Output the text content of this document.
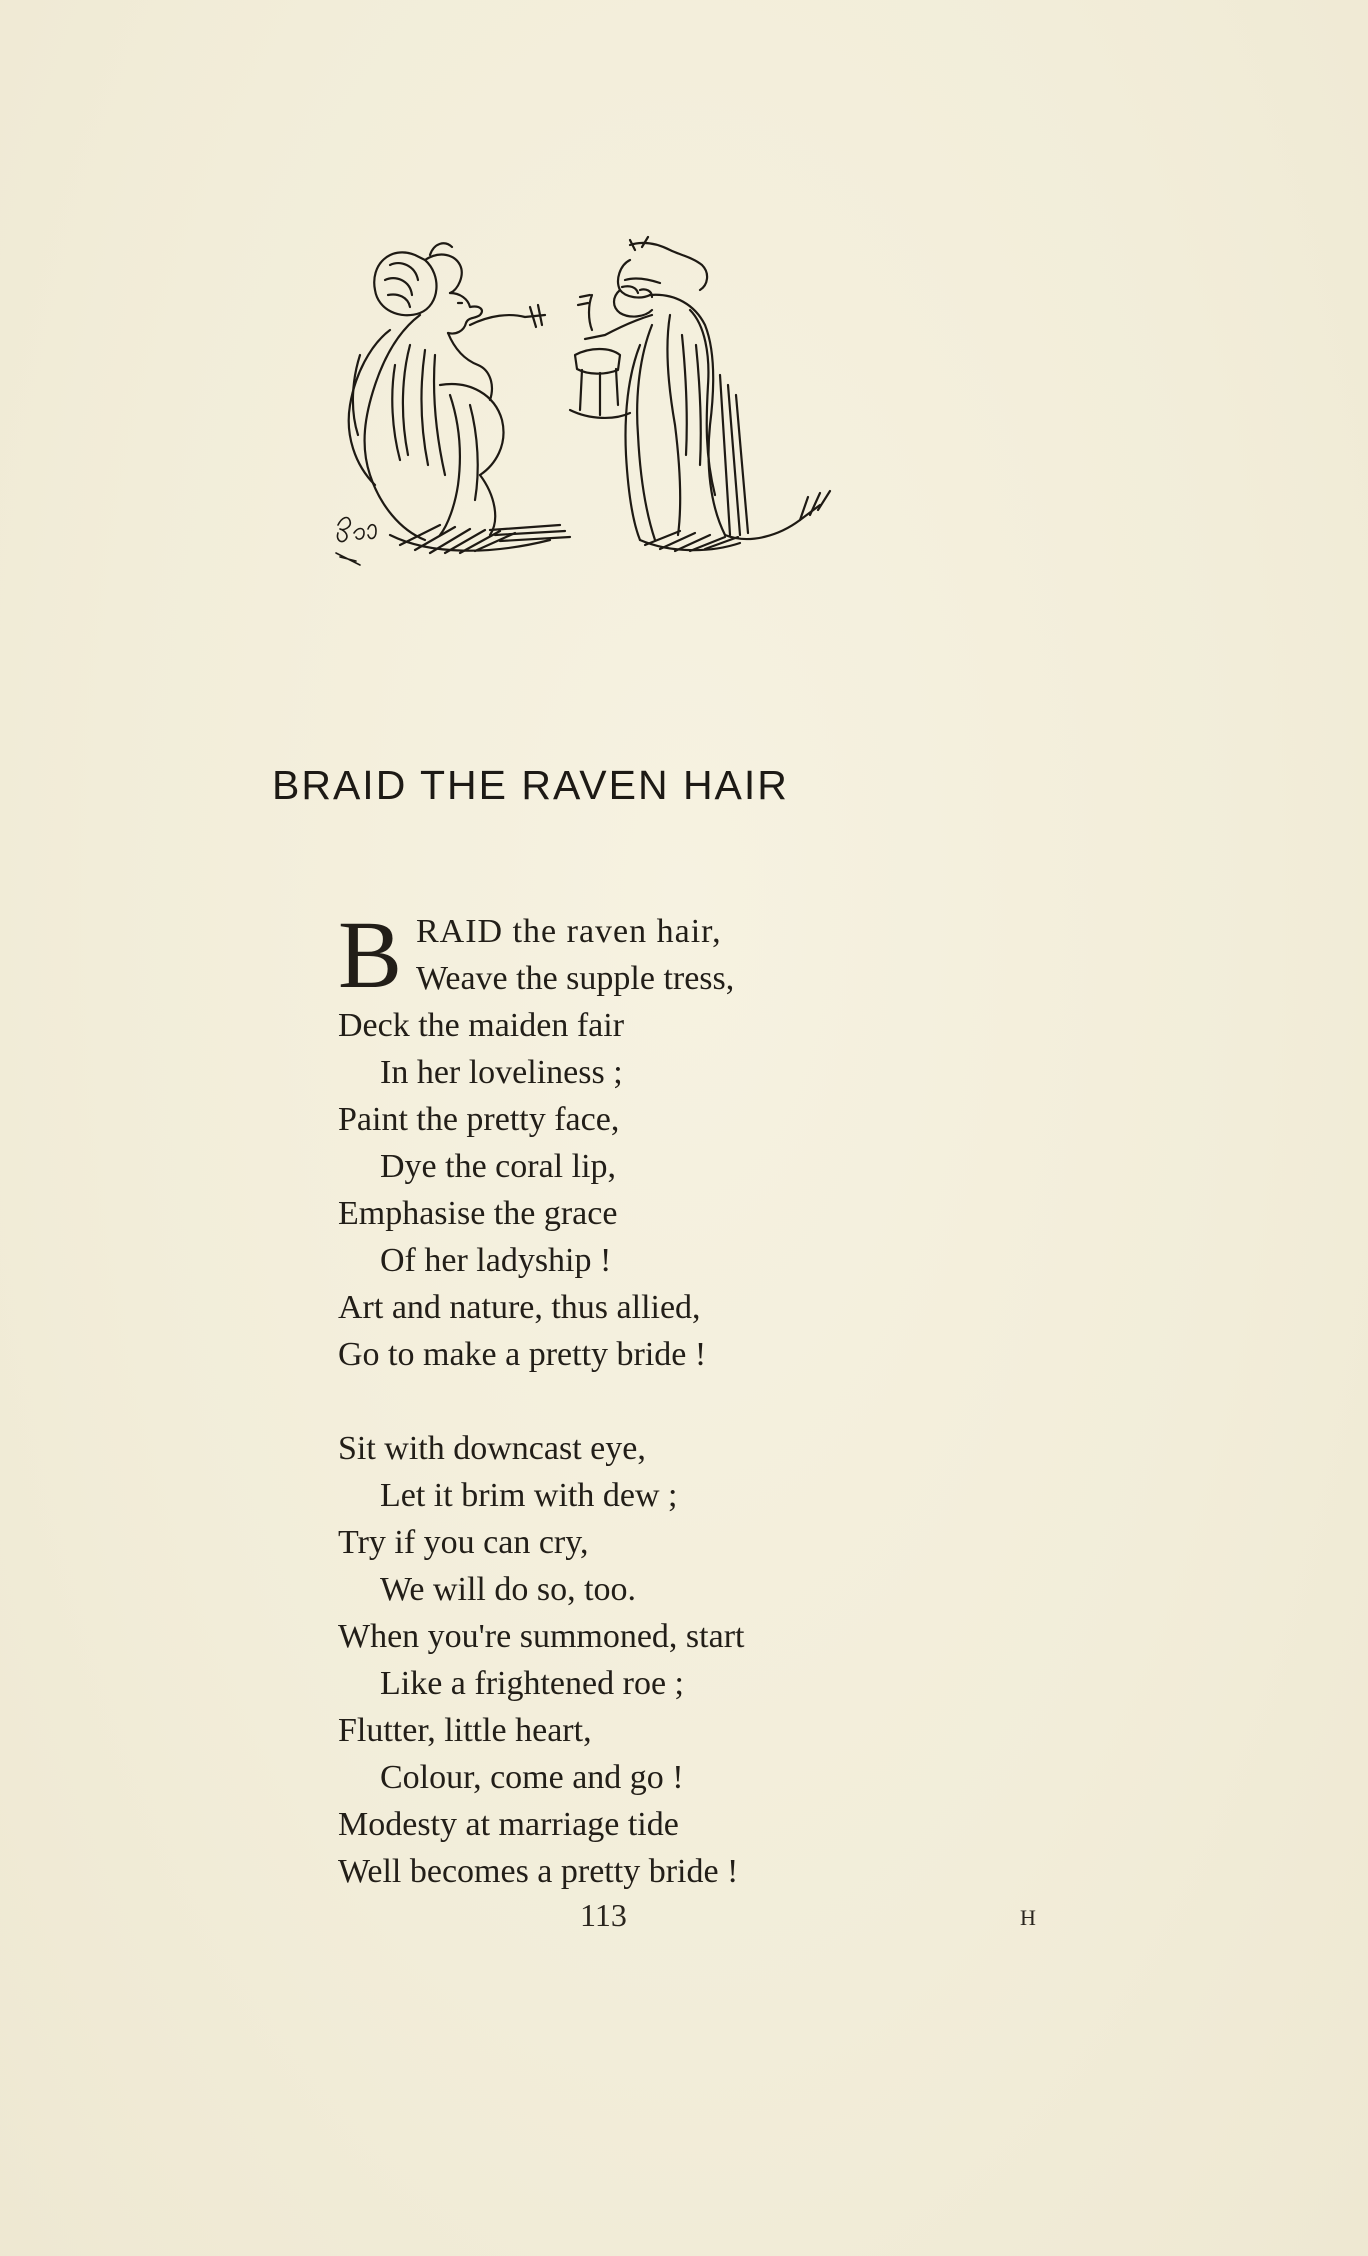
BRAID THE RAVEN HAIR
B RAID the raven hair,
Weave the supple tress,
Deck the maiden fair
In her loveliness ;
Paint the pretty face,
Dye the coral lip,
Emphasise the grace
Of her ladyship !
Art and nature, thus allied,
Go to make a pretty bride !
Sit with downcast eye,
Let it brim with dew ;
Try if you can cry,
We will do so, too.
When you're summoned, start
Like a frightened roe ;
Flutter, little heart,
Colour, come and go !
Modesty at marriage tide
Well becomes a pretty bride !
113	H
